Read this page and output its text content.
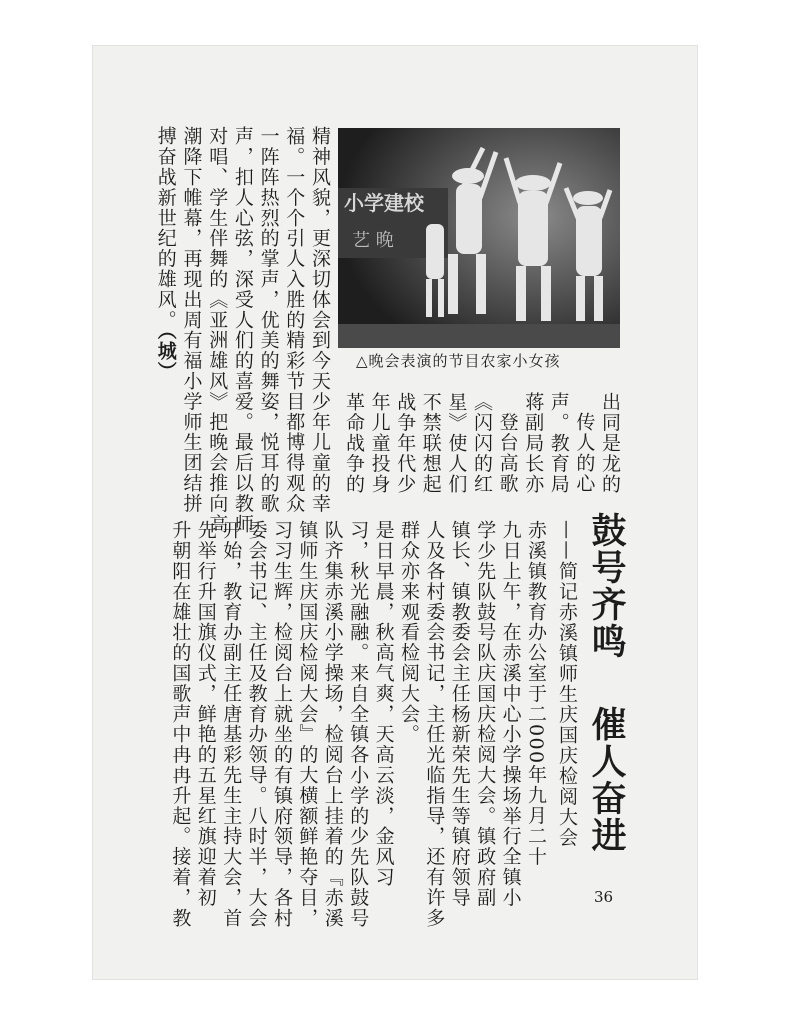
精神风貌，更深切体会到今天少年儿童的幸
福。一个个引人入胜的精彩节目都博得观众
一阵阵热烈的掌声，优美的舞姿，悦耳的歌
声，扣人心弦，深受人们的喜爱。最后以教师
对唱、学生伴舞的《亚洲雄风》把晚会推向高
潮降下帷幕，再现出周有福小学师生团结拼
搏奋战新世纪的雄风。（城）
小学建校
艺 晚
△晚会表演的节目农家小女孩
出同是龙的
传人的心
声。教育局
蒋副局长亦
登台高歌
《闪闪的红
星》使人们
不禁联想起
战争年代少
年儿童投身
革命战争的
鼓号齐鸣催人奋进
——简记赤溪镇师生庆国庆检阅大会
赤溪镇教育办公室于二000年九月二十
九日上午，在赤溪中心小学操场举行全镇小
学少先队鼓号队庆国庆检阅大会。镇政府副
镇长、镇教委会主任杨新荣先生等镇府领导
人及各村委会书记，主任光临指导，还有许多
群众亦来观看检阅大会。
是日早晨，秋高气爽，天高云淡，金风习
习，秋光融融。来自全镇各小学的少先队鼓号
队齐集赤溪小学操场，检阅台上挂着的『赤溪
镇师生庆国庆检阅大会』的大横额鲜艳夺目，
习习生辉，检阅台上就坐的有镇府领导，各村
委会书记、主任及教育办领导。八时半，大会
开始，教育办副主任唐基彩先生主持大会，首
先举行升国旗仪式，鲜艳的五星红旗迎着初
升朝阳在雄壮的国歌声中冉冉升起。接着，教	36
